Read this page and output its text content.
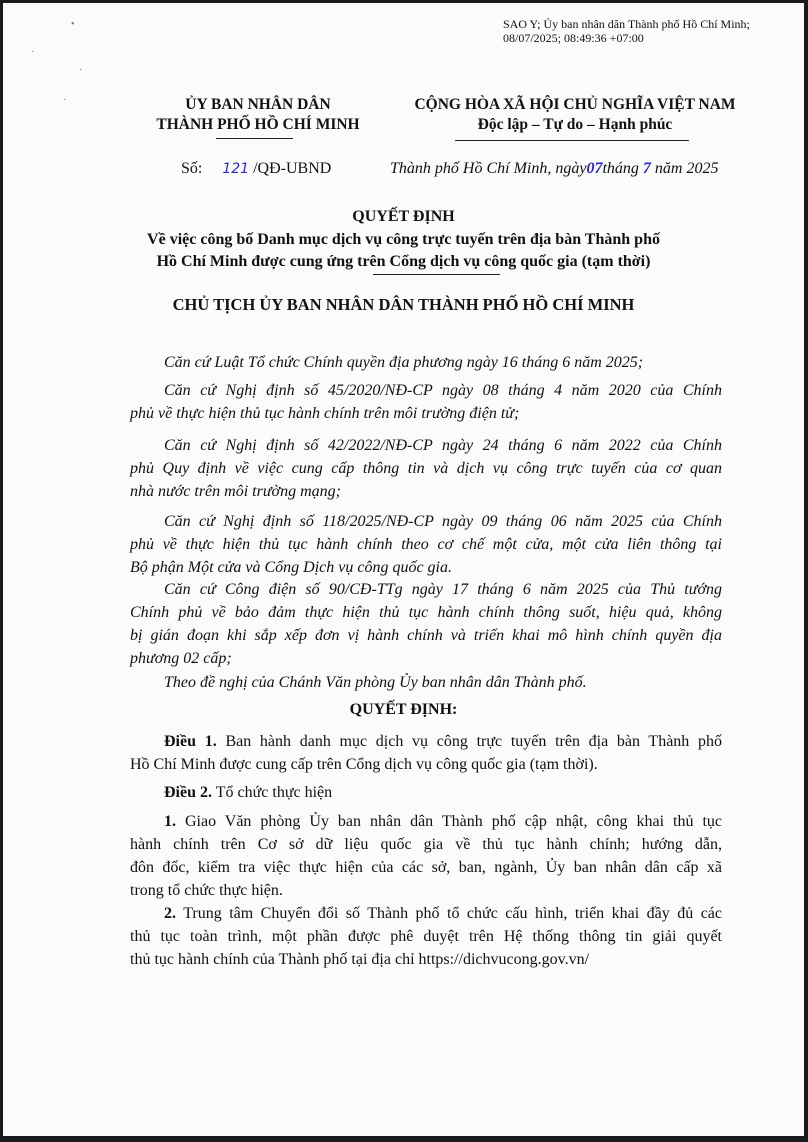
•
·
·
·
SAO Y; Ủy ban nhân dân Thành phố Hồ Chí Minh;
08/07/2025; 08:49:36 +07:00
ỦY BAN NHÂN DÂN
THÀNH PHỐ HỒ CHÍ MINH
CỘNG HÒA XÃ HỘI CHỦ NGHĨA VIỆT NAM
Độc lập – Tự do – Hạnh phúc
Số: 121 /QĐ-UBND	Thành phố Hồ Chí Minh, ngày07tháng 7 năm 2025
QUYẾT ĐỊNH
Về việc công bố Danh mục dịch vụ công trực tuyến trên địa bàn Thành phố
Hồ Chí Minh được cung ứng trên Cổng dịch vụ công quốc gia (tạm thời)
CHỦ TỊCH ỦY BAN NHÂN DÂN THÀNH PHỐ HỒ CHÍ MINH
Căn cứ Luật Tổ chức Chính quyền địa phương ngày 16 tháng 6 năm 2025;
Căn cứ Nghị định số 45/2020/NĐ-CP ngày 08 tháng 4 năm 2020 của Chính
phủ về thực hiện thủ tục hành chính trên môi trường điện tử;
Căn cứ Nghị định số 42/2022/NĐ-CP ngày 24 tháng 6 năm 2022 của Chính
phủ Quy định về việc cung cấp thông tin và dịch vụ công trực tuyến của cơ quan
nhà nước trên môi trường mạng;
Căn cứ Nghị định số 118/2025/NĐ-CP ngày 09 tháng 06 năm 2025 của Chính
phủ về thực hiện thủ tục hành chính theo cơ chế một cửa, một cửa liên thông tại
Bộ phận Một cửa và Cổng Dịch vụ công quốc gia.
Căn cứ Công điện số 90/CĐ-TTg ngày 17 tháng 6 năm 2025 của Thủ tướng
Chính phủ về bảo đảm thực hiện thủ tục hành chính thông suốt, hiệu quả, không
bị gián đoạn khi sắp xếp đơn vị hành chính và triển khai mô hình chính quyền địa
phương 02 cấp;
Theo đề nghị của Chánh Văn phòng Ủy ban nhân dân Thành phố.
QUYẾT ĐỊNH:
Điều 1. Ban hành danh mục dịch vụ công trực tuyến trên địa bàn Thành phố
Hồ Chí Minh được cung cấp trên Cổng dịch vụ công quốc gia (tạm thời).
Điều 2. Tổ chức thực hiện
1. Giao Văn phòng Ủy ban nhân dân Thành phố cập nhật, công khai thủ tục
hành chính trên Cơ sở dữ liệu quốc gia về thủ tục hành chính; hướng dẫn,
đôn đốc, kiểm tra việc thực hiện của các sở, ban, ngành, Ủy ban nhân dân cấp xã
trong tổ chức thực hiện.
2. Trung tâm Chuyển đổi số Thành phố tổ chức cấu hình, triển khai đầy đủ các
thủ tục toàn trình, một phần được phê duyệt trên Hệ thống thông tin giải quyết
thủ tục hành chính của Thành phố tại địa chỉ https://dichvucong.gov.vn/
